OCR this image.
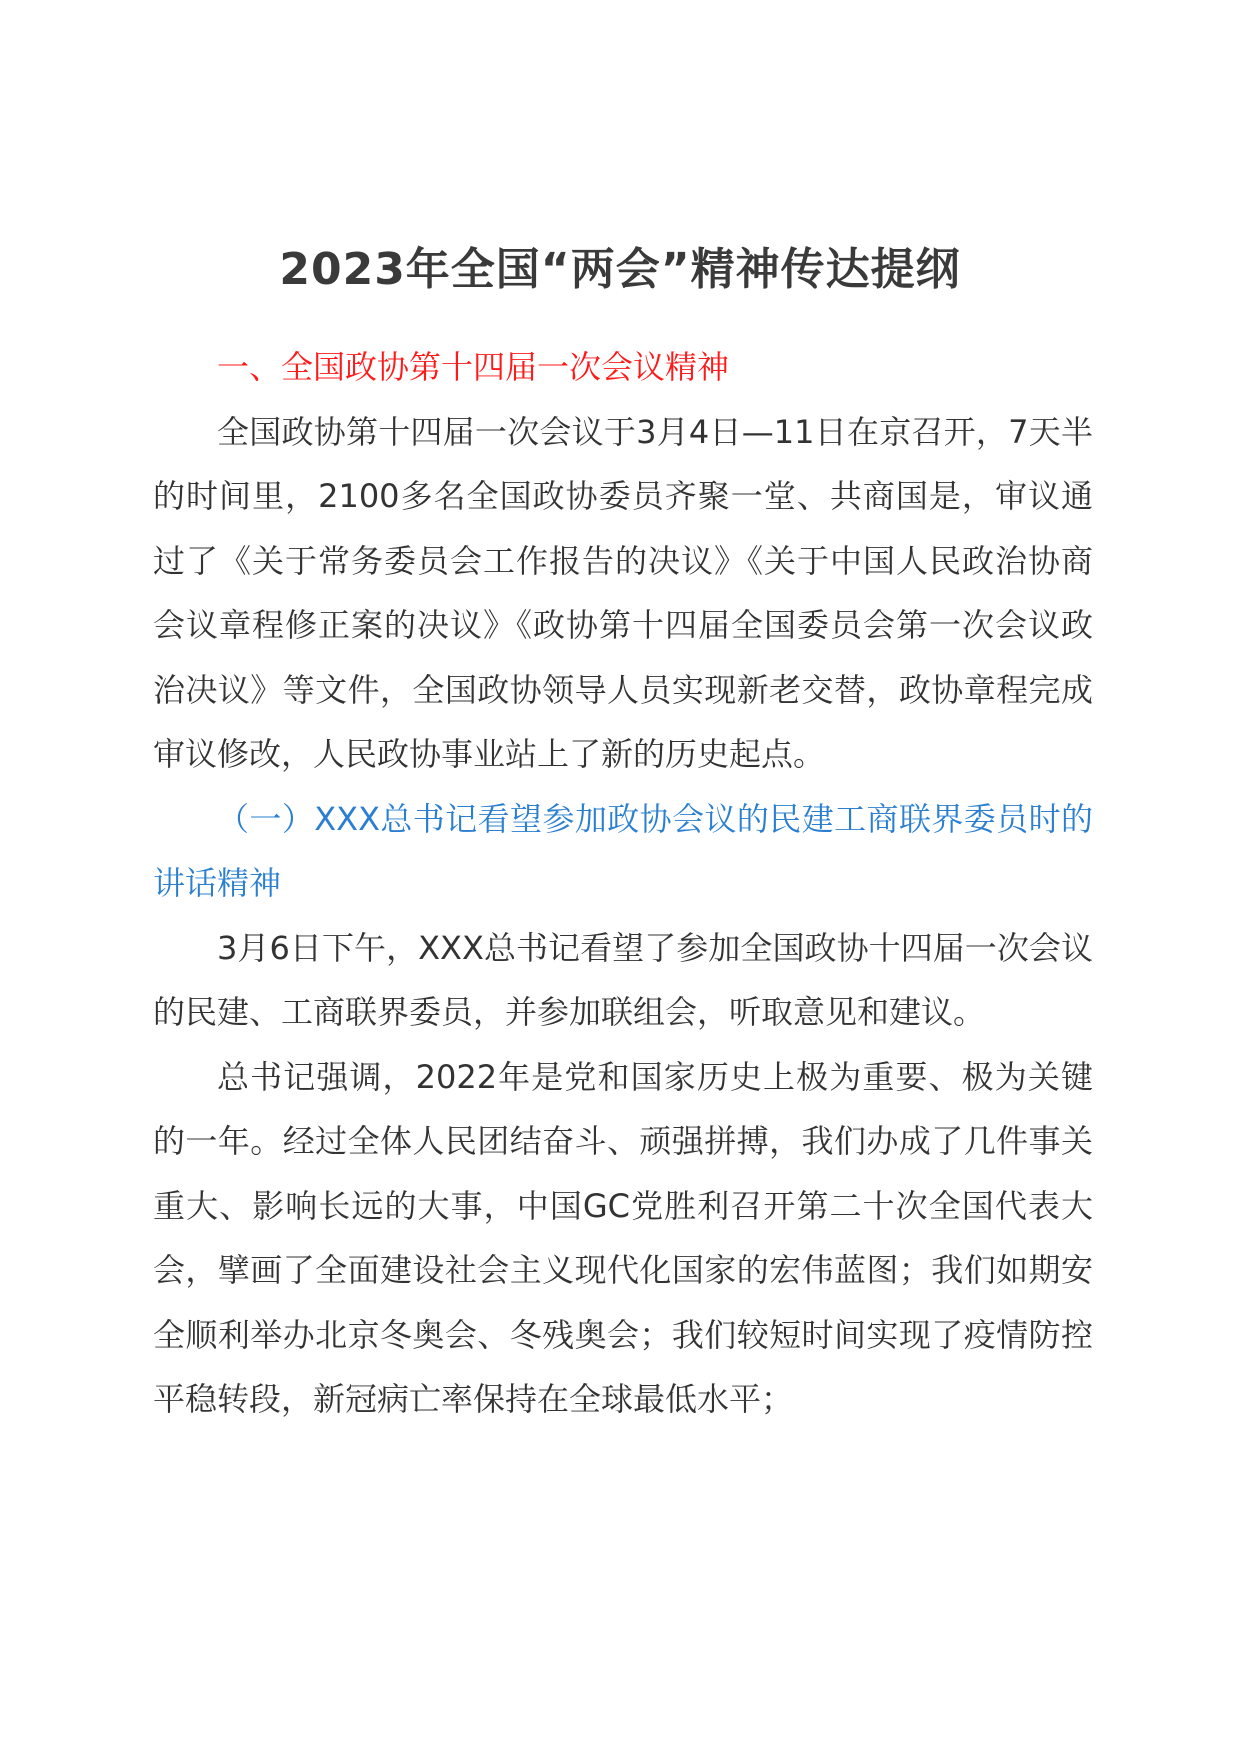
2023年全国“两会”精神传达提纲

一、全国政协第十四届一次会议精神

全国政协第十四届一次会议于3月4日—11日在京召开，7天半的时间里，2100多名全国政协委员齐聚一堂、共商国是，审议通过了《关于常务委员会工作报告的决议》《关于中国人民政治协商会议章程修正案的决议》《政协第十四届全国委员会第一次会议政治决议》等文件，全国政协领导人员实现新老交替，政协章程完成审议修改，人民政协事业站上了新的历史起点。

（一）XXX总书记看望参加政协会议的民建工商联界委员时的讲话精神

3月6日下午，XXX总书记看望了参加全国政协十四届一次会议的民建、工商联界委员，并参加联组会，听取意见和建议。

总书记强调，2022年是党和国家历史上极为重要、极为关键的一年。经过全体人民团结奋斗、顽强拼搏，我们办成了几件事关重大、影响长远的大事，中国GC党胜利召开第二十次全国代表大会，擘画了全面建设社会主义现代化国家的宏伟蓝图；我们如期安全顺利举办北京冬奥会、冬残奥会；我们较短时间实现了疫情防控平稳转段，新冠病亡率保持在全球最低水平；
